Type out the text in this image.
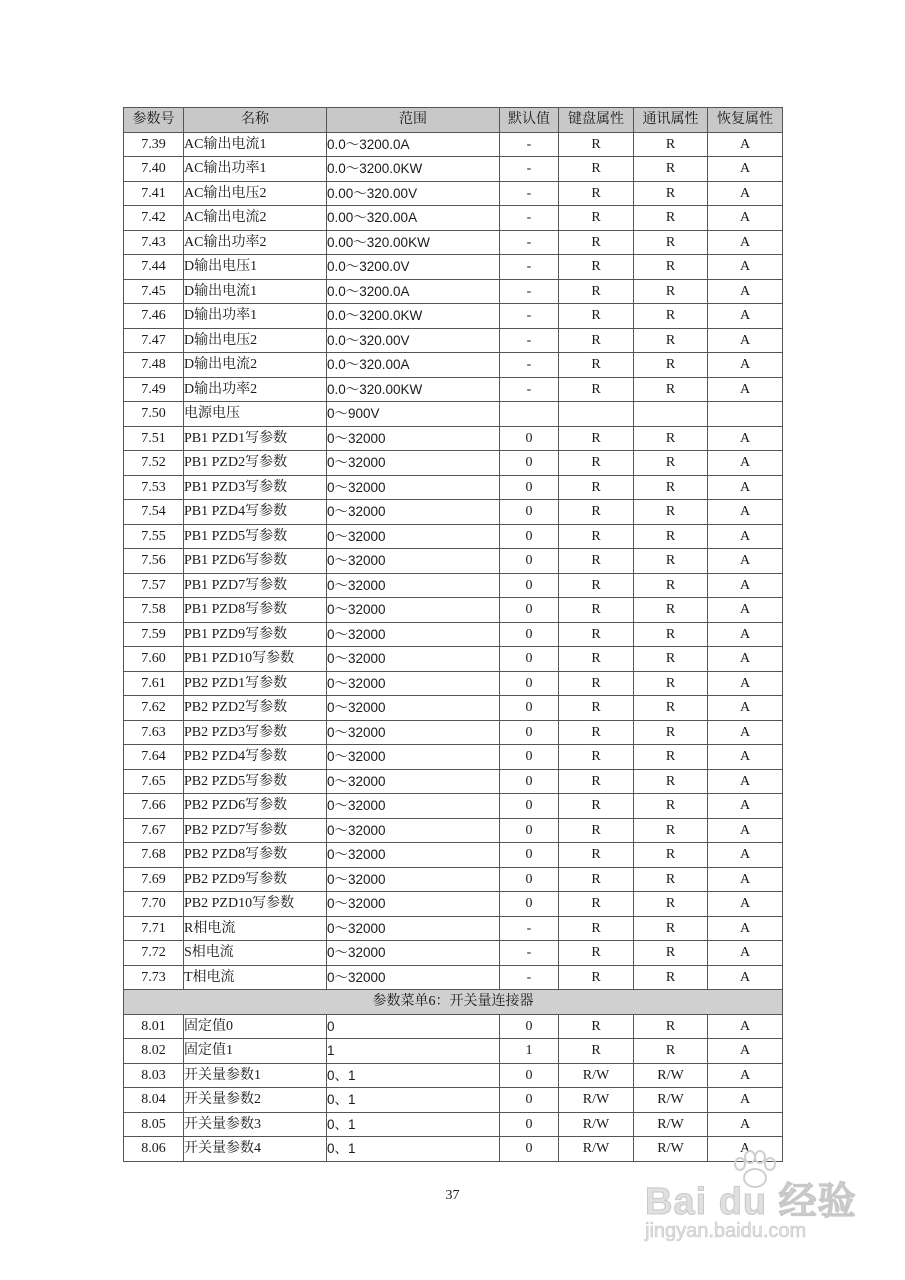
参数号	名称	范围	默认值	键盘属性	通讯属性	恢复属性
7.39	AC输出电流1	0.0～3200.0A	-	R	R	A
7.40	AC输出功率1	0.0～3200.0KW	-	R	R	A
7.41	AC输出电压2	0.00～320.00V	-	R	R	A
7.42	AC输出电流2	0.00～320.00A	-	R	R	A
7.43	AC输出功率2	0.00～320.00KW	-	R	R	A
7.44	D输出电压1	0.0～3200.0V	-	R	R	A
7.45	D输出电流1	0.0～3200.0A	-	R	R	A
7.46	D输出功率1	0.0～3200.0KW	-	R	R	A
7.47	D输出电压2	0.0～320.00V	-	R	R	A
7.48	D输出电流2	0.0～320.00A	-	R	R	A
7.49	D输出功率2	0.0～320.00KW	-	R	R	A
7.50	电源电压	0～900V				
7.51	PB1 PZD1写参数	0～32000	0	R	R	A
7.52	PB1 PZD2写参数	0～32000	0	R	R	A
7.53	PB1 PZD3写参数	0～32000	0	R	R	A
7.54	PB1 PZD4写参数	0～32000	0	R	R	A
7.55	PB1 PZD5写参数	0～32000	0	R	R	A
7.56	PB1 PZD6写参数	0～32000	0	R	R	A
7.57	PB1 PZD7写参数	0～32000	0	R	R	A
7.58	PB1 PZD8写参数	0～32000	0	R	R	A
7.59	PB1 PZD9写参数	0～32000	0	R	R	A
7.60	PB1 PZD10写参数	0～32000	0	R	R	A
7.61	PB2 PZD1写参数	0～32000	0	R	R	A
7.62	PB2 PZD2写参数	0～32000	0	R	R	A
7.63	PB2 PZD3写参数	0～32000	0	R	R	A
7.64	PB2 PZD4写参数	0～32000	0	R	R	A
7.65	PB2 PZD5写参数	0～32000	0	R	R	A
7.66	PB2 PZD6写参数	0～32000	0	R	R	A
7.67	PB2 PZD7写参数	0～32000	0	R	R	A
7.68	PB2 PZD8写参数	0～32000	0	R	R	A
7.69	PB2 PZD9写参数	0～32000	0	R	R	A
7.70	PB2 PZD10写参数	0～32000	0	R	R	A
7.71	R相电流	0～32000	-	R	R	A
7.72	S相电流	0～32000	-	R	R	A
7.73	T相电流	0～32000	-	R	R	A
参数菜单6：开关量连接器						
8.01	固定值0	0	0	R	R	A
8.02	固定值1	1	1	R	R	A
8.03	开关量参数1	0、1	0	R/W	R/W	A
8.04	开关量参数2	0、1	0	R/W	R/W	A
8.05	开关量参数3	0、1	0	R/W	R/W	A
8.06	开关量参数4	0、1	0	R/W	R/W	A
37	Bai du 经验
jingyan.baidu.com
